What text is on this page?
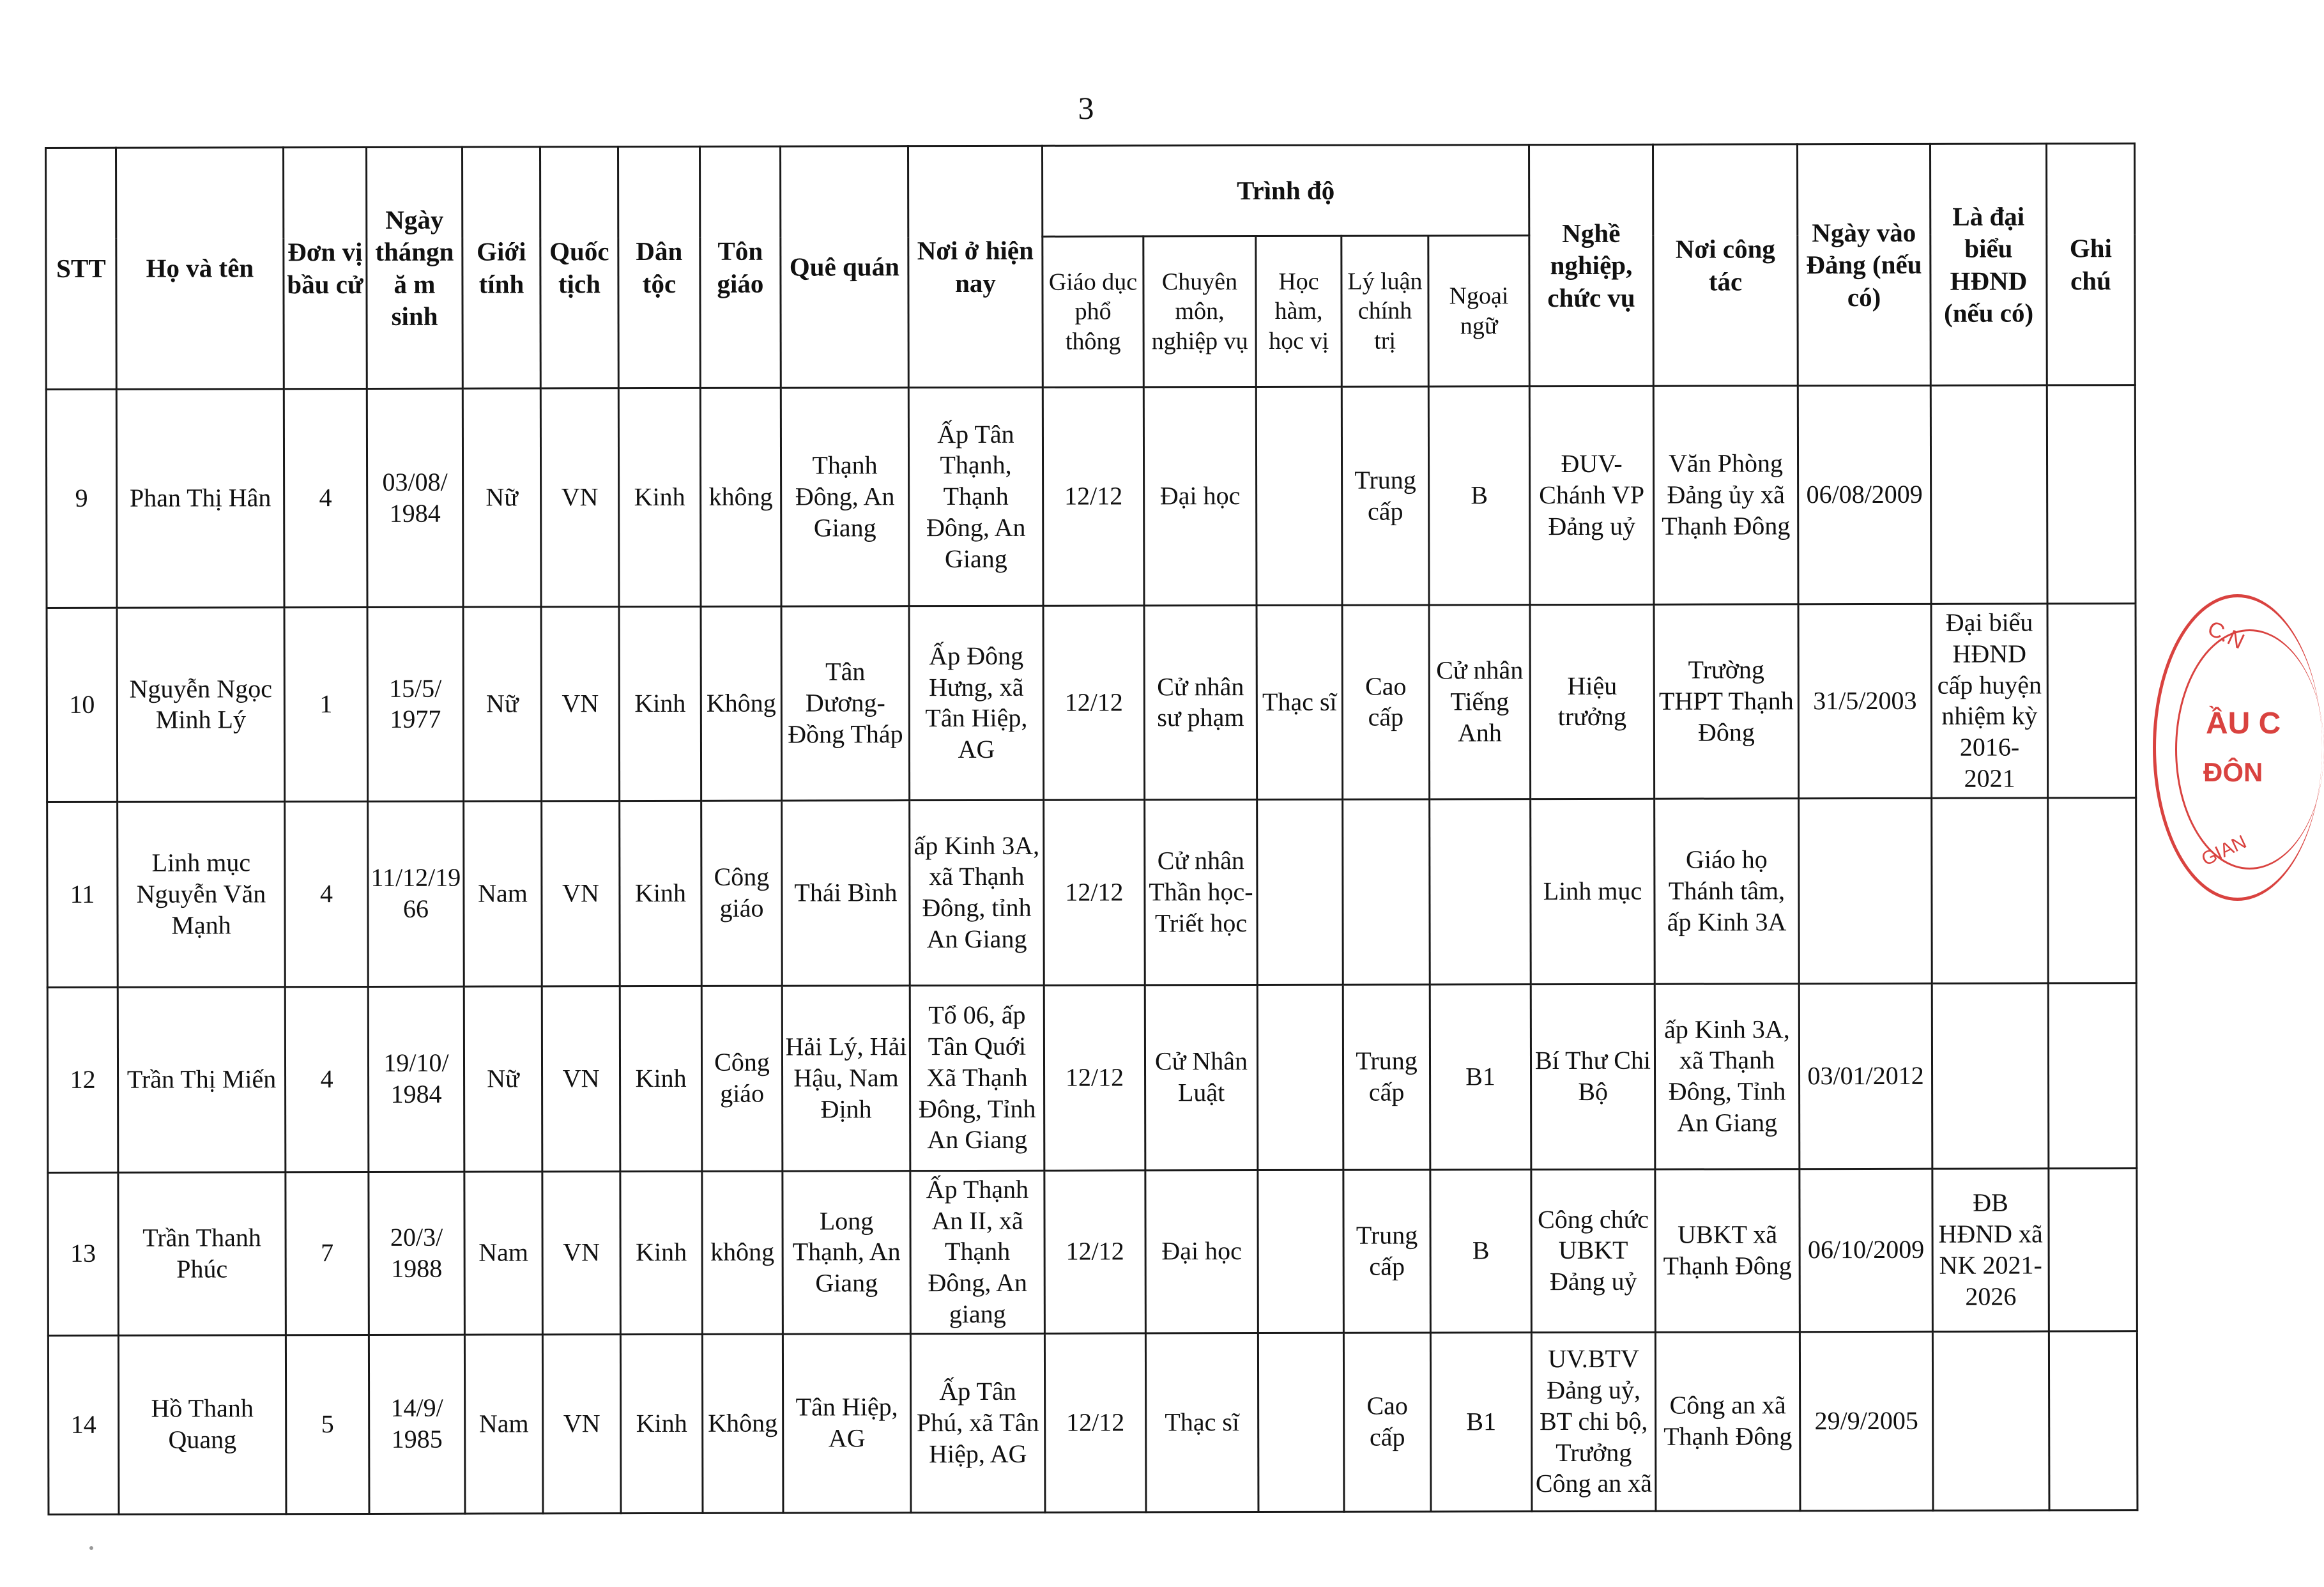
3
STT	Họ và tên	Đơn vị bầu cử	Ngày thángnă m sinh	Giới tính	Quốc tịch	Dân tộc	Tôn giáo	Quê quán	Nơi ở hiện nay	Trình độ					Nghề nghiệp, chức vụ	Nơi công tác	Ngày vào Đảng (nếu có)	Là đại biểu HĐND (nếu có)	Ghi chú
										Giáo dục phổ thông	Chuyên môn, nghiệp vụ	Học hàm, học vị	Lý luận chính trị	Ngoại ngữ					
9	Phan Thị Hân	4	03/08/ 1984	Nữ	VN	Kinh	không	Thạnh Đông, An Giang	Ấp Tân Thạnh, Thạnh Đông, An Giang	12/12	Đại học		Trung cấp	B	ĐUV- Chánh VP Đảng uỷ	Văn Phòng Đảng ủy xã Thạnh Đông	06/08/2009		
10	Nguyễn Ngọc Minh Lý	1	15/5/ 1977	Nữ	VN	Kinh	Không	Tân Dương- Đồng Tháp	Ấp Đông Hưng, xã Tân Hiệp, AG	12/12	Cử nhân sư phạm	Thạc sĩ	Cao cấp	Cử nhân Tiếng Anh	Hiệu trưởng	Trường THPT Thạnh Đông	31/5/2003	Đại biểu HĐND cấp huyện nhiệm kỳ 2016-2021	
11	Linh mục Nguyễn Văn Mạnh	4	11/12/19 66	Nam	VN	Kinh	Công giáo	Thái Bình	ấp Kinh 3A, xã Thạnh Đông, tỉnh An Giang	12/12	Cử nhân Thần học- Triết học				Linh mục	Giáo họ Thánh tâm, ấp Kinh 3A			
12	Trần Thị Miến	4	19/10/ 1984	Nữ	VN	Kinh	Công giáo	Hải Lý, Hải Hậu, Nam Định	Tổ 06, ấp Tân Quới Xã Thạnh Đông, Tỉnh An Giang	12/12	Cử Nhân Luật		Trung cấp	B1	Bí Thư Chi Bộ	ấp Kinh 3A, xã Thạnh Đông, Tỉnh An Giang	03/01/2012		
13	Trần Thanh Phúc	7	20/3/ 1988	Nam	VN	Kinh	không	Long Thạnh, An Giang	Ấp Thạnh An II, xã Thạnh Đông, An giang	12/12	Đại học		Trung cấp	B	Công chức UBKT Đảng uỷ	UBKT xã Thạnh Đông	06/10/2009	ĐB HĐND xã NK 2021- 2026	
14	Hồ Thanh Quang	5	14/9/ 1985	Nam	VN	Kinh	Không	Tân Hiệp, AG	Ấp Tân Phú, xã Tân Hiệp, AG	12/12	Thạc sĩ		Cao cấp	B1	UV.BTV Đảng uỷ, BT chi bộ, Trưởng Công an xã	Công an xã Thạnh Đông	29/9/2005		
C.N
ẦU C
ĐÔN
GIAN
